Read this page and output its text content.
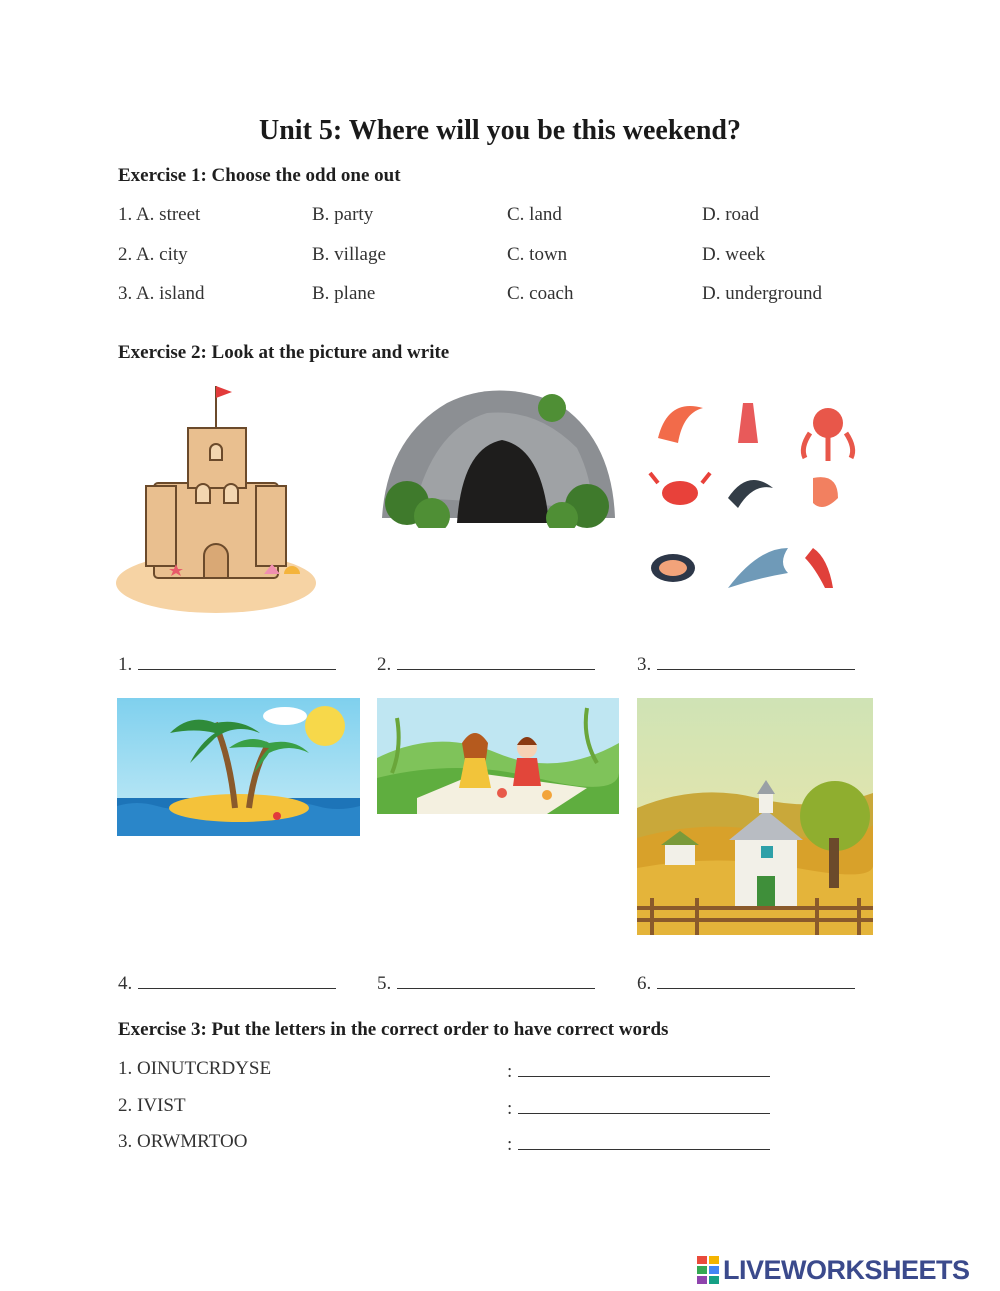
Unit 5: Where will you be this weekend?
Exercise 1: Choose the odd one out
1. A. street	B. party	C. land	D. road
2. A. city	B. village	C. town	D. week
3. A. island	B. plane	C. coach	D. underground
Exercise 2: Look at the picture and write
1.	2.	3.
4.	5.	6.
Exercise 3: Put the letters in the correct order to have correct words
1. OINUTCRDYSE	:
2. IVIST	:
3. ORWMRTOO	:
LIVEWORKSHEETS
